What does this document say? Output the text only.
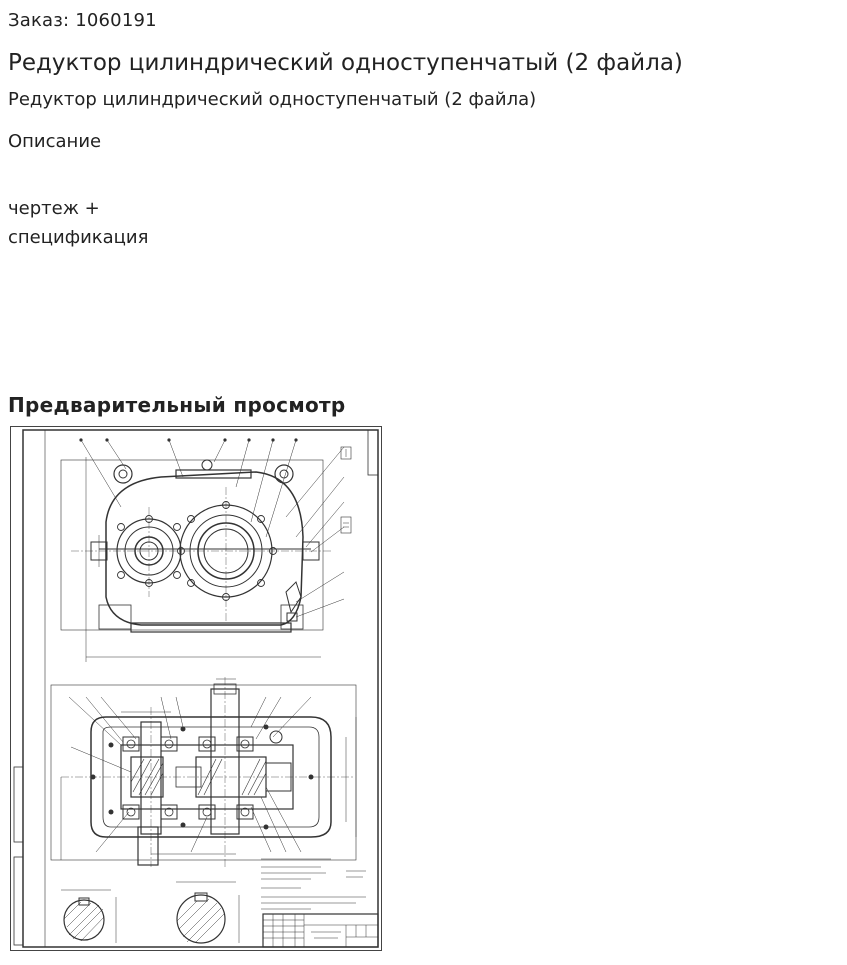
Заказ: 1060191
Редуктор цилиндрический одноступенчатый (2 файла)
Редуктор цилиндрический одноступенчатый (2 файла)
Описание
чертеж +
спецификация
Предварительный просмотр
